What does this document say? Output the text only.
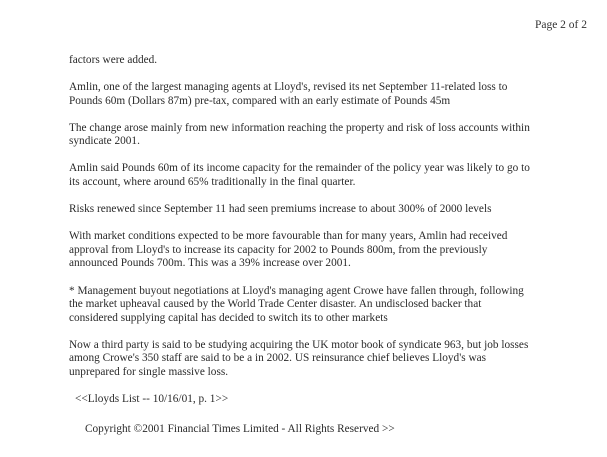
Page 2 of 2

factors were added.

Amlin, one of the largest managing agents at Lloyd's, revised its net September 11-related loss to
Pounds 60m (Dollars 87m) pre-tax, compared with an early estimate of Pounds 45m

The change arose mainly from new information reaching the property and risk of loss accounts within
syndicate 2001.

Amlin said Pounds 60m of its income capacity for the remainder of the policy year was likely to go to
its account, where around 65% traditionally in the final quarter.

Risks renewed since September 11 had seen premiums increase to about 300% of 2000 levels

With market conditions expected to be more favourable than for many years, Amlin had received
approval from Lloyd's to increase its capacity for 2002 to Pounds 800m, from the previously
announced Pounds 700m. This was a 39% increase over 2001.

* Management buyout negotiations at Lloyd's managing agent Crowe have fallen through, following
the market upheaval caused by the World Trade Center disaster. An undisclosed backer that
considered supplying capital has decided to switch its to other markets

Now a third party is said to be studying acquiring the UK motor book of syndicate 963, but job losses
among Crowe's 350 staff are said to be a in 2002. US reinsurance chief believes Lloyd's was
unprepared for single massive loss.

<<Lloyds List -- 10/16/01, p. 1>>

Copyright ©2001 Financial Times Limited - All Rights Reserved >>
